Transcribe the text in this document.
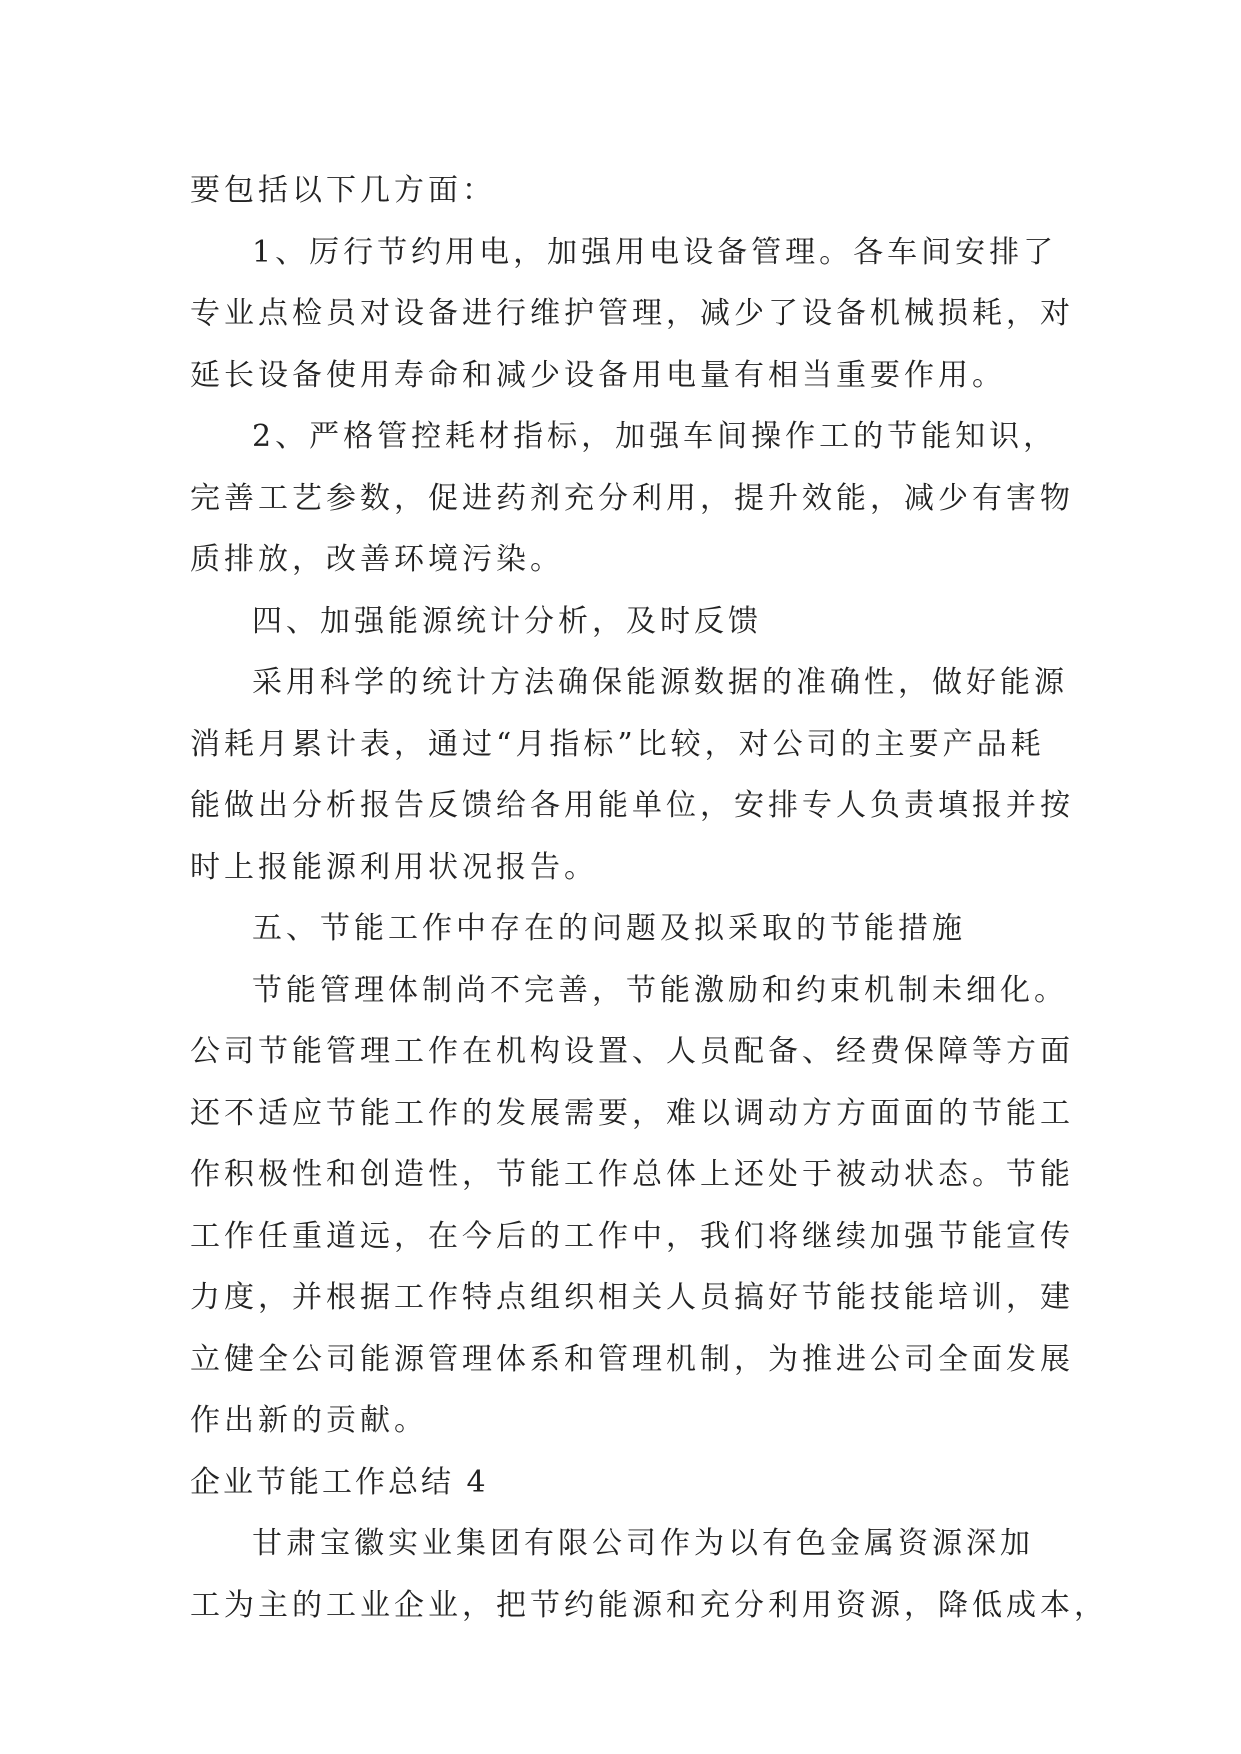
要包括以下几方面：
1、厉行节约用电，加强用电设备管理。各车间安排了
专业点检员对设备进行维护管理，减少了设备机械损耗，对
延长设备使用寿命和减少设备用电量有相当重要作用。
2、严格管控耗材指标，加强车间操作工的节能知识，
完善工艺参数，促进药剂充分利用，提升效能，减少有害物
质排放，改善环境污染。
四、加强能源统计分析，及时反馈
采用科学的统计方法确保能源数据的准确性，做好能源
消耗月累计表，通过“月指标”比较，对公司的主要产品耗
能做出分析报告反馈给各用能单位，安排专人负责填报并按
时上报能源利用状况报告。
五、节能工作中存在的问题及拟采取的节能措施
节能管理体制尚不完善，节能激励和约束机制未细化。
公司节能管理工作在机构设置、人员配备、经费保障等方面
还不适应节能工作的发展需要，难以调动方方面面的节能工
作积极性和创造性，节能工作总体上还处于被动状态。节能
工作任重道远，在今后的工作中，我们将继续加强节能宣传
力度，并根据工作特点组织相关人员搞好节能技能培训，建
立健全公司能源管理体系和管理机制，为推进公司全面发展
作出新的贡献。
企业节能工作总结 4
甘肃宝徽实业集团有限公司作为以有色金属资源深加
工为主的工业企业，把节约能源和充分利用资源，降低成本，
